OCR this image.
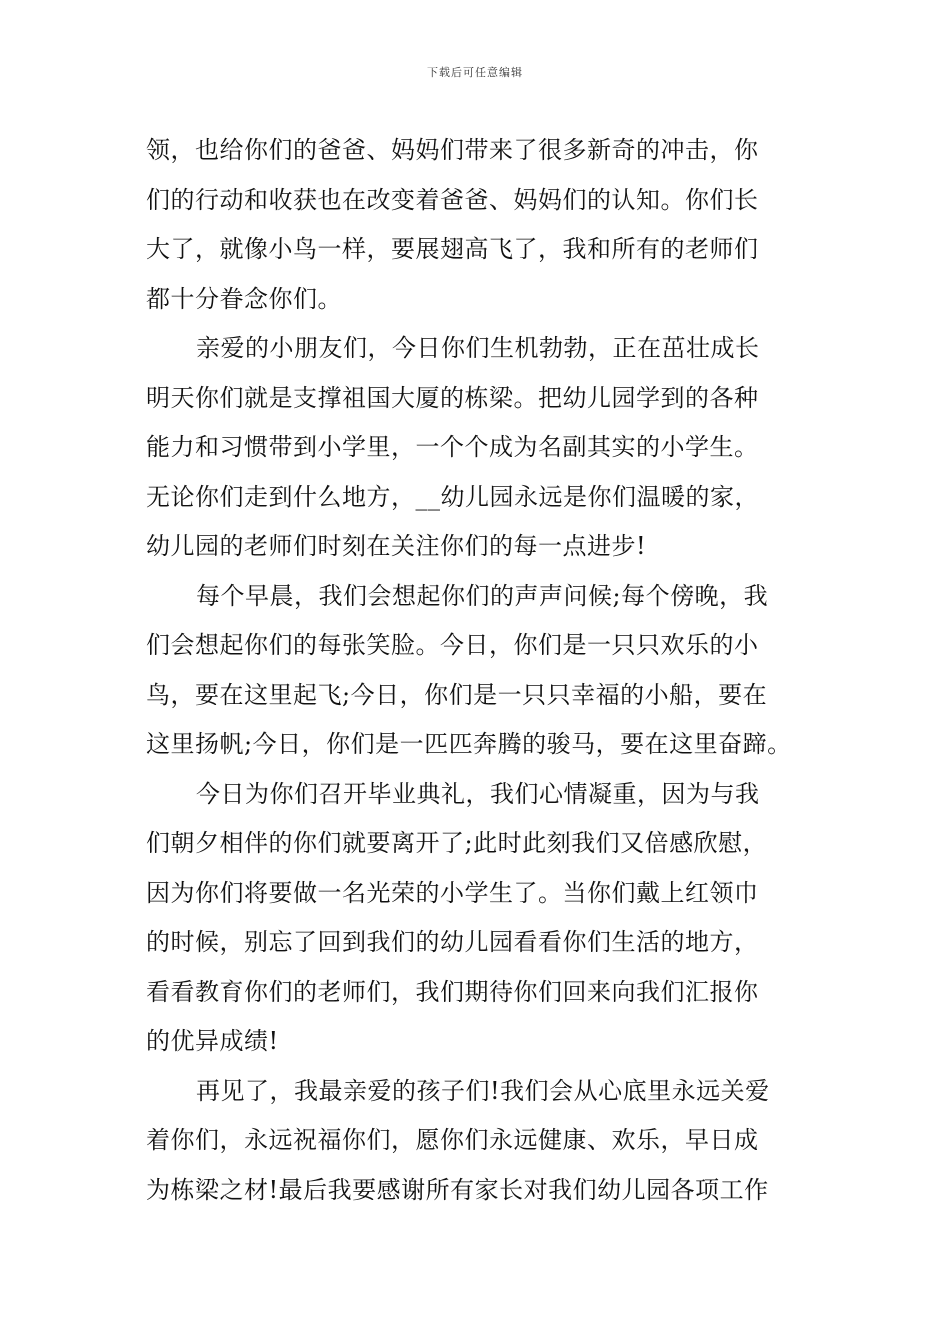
下载后可任意编辑
领，也给你们的爸爸、妈妈们带来了很多新奇的冲击，你
们的行动和收获也在改变着爸爸、妈妈们的认知。你们长
大了，就像小鸟一样，要展翅高飞了，我和所有的老师们
都十分眷念你们。
亲爱的小朋友们，今日你们生机勃勃，正在茁壮成长
明天你们就是支撑祖国大厦的栋梁。把幼儿园学到的各种
能力和习惯带到小学里，一个个成为名副其实的小学生。
无论你们走到什么地方，__幼儿园永远是你们温暖的家，
幼儿园的老师们时刻在关注你们的每一点进步!
每个早晨，我们会想起你们的声声问候;每个傍晚，我
们会想起你们的每张笑脸。今日，你们是一只只欢乐的小
鸟，要在这里起飞;今日，你们是一只只幸福的小船，要在
这里扬帆;今日，你们是一匹匹奔腾的骏马，要在这里奋蹄。
今日为你们召开毕业典礼，我们心情凝重，因为与我
们朝夕相伴的你们就要离开了;此时此刻我们又倍感欣慰，
因为你们将要做一名光荣的小学生了。当你们戴上红领巾
的时候，别忘了回到我们的幼儿园看看你们生活的地方，
看看教育你们的老师们，我们期待你们回来向我们汇报你
的优异成绩!
再见了，我最亲爱的孩子们!我们会从心底里永远关爱
着你们，永远祝福你们，愿你们永远健康、欢乐，早日成
为栋梁之材!最后我要感谢所有家长对我们幼儿园各项工作
